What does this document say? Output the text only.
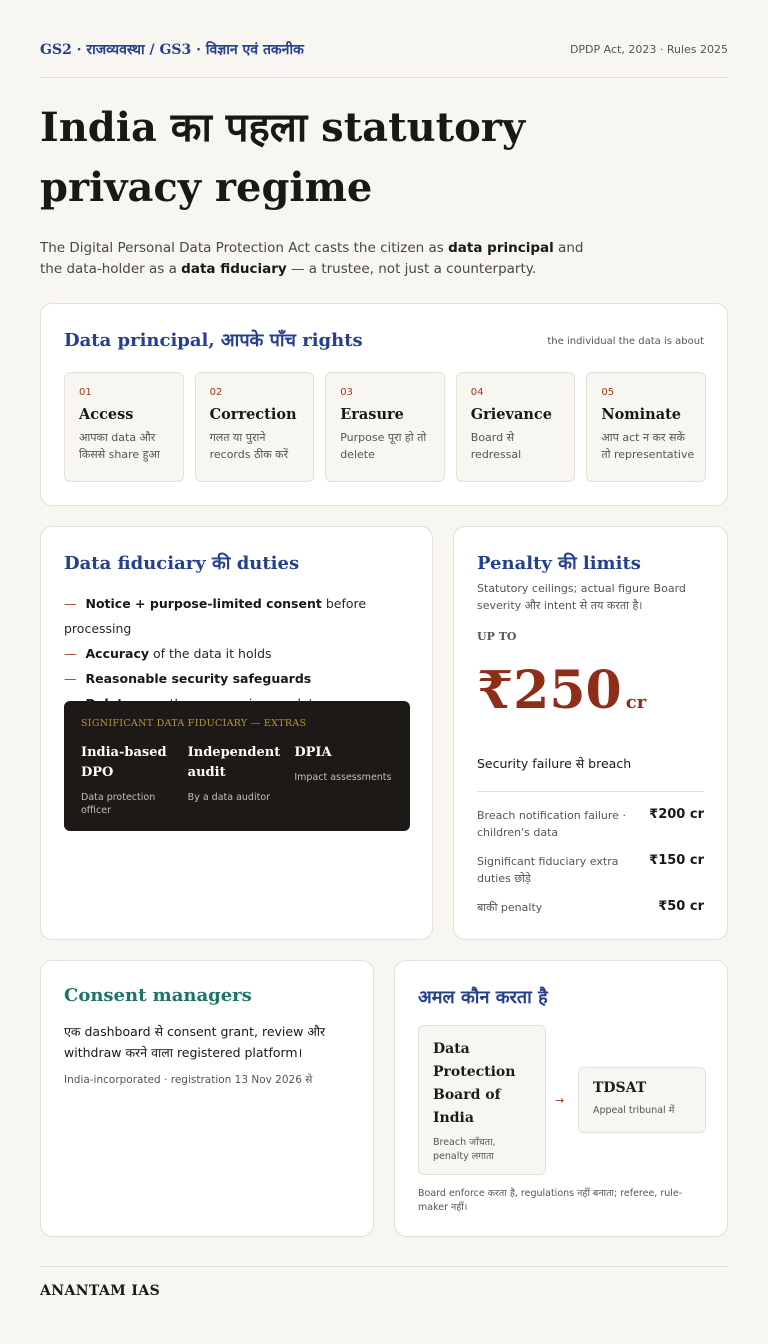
GS2 · राजव्यवस्था / GS3 · विज्ञान एवं तकनीक	DPDP Act, 2023 · Rules 2025
India का पहला statutory
privacy regime

The Digital Personal Data Protection Act casts the citizen as data principal and the data-holder as a data fiduciary — a trustee, not just a counterparty.

Data principal, आपके पाँच rights	the individual the data is about
01
Access
आपका data और किससे share हुआ
02
Correction
गलत या पुराने records ठीक करें
03
Erasure
Purpose पूरा हो तो delete
04
Grievance
Board से redressal
05
Nominate
आप act न कर सकें तो representative
Data fiduciary की duties
— Notice + purpose-limited consent before processing
— Accuracy of the data it holds
— Reasonable security safeguards
SIGNIFICANT DATA FIDUCIARY — EXTRAS
India-based DPO
Data protection officer
Independent audit
By a data auditor
DPIA
Impact assessments
Penalty की limits
Statutory ceilings; actual figure Board severity और intent से तय करता है।
UP TO
₹250 cr
Security failure से breach
Breach notification failure · children's data
₹200 cr
Significant fiduciary extra duties छोड़े
₹150 cr
बाकी penalty	₹50 cr
Consent managers
एक dashboard से consent grant, review और withdraw करने वाला registered platform।
India-incorporated · registration 13 Nov 2026 से
अमल कौन करता है
Data Protection Board of India
Breach जाँचता, penalty लगाता
→
TDSAT
Appeal tribunal में
Board enforce करता है, regulations नहीं बनाता; referee, rule-maker नहीं।
ANANTAM IAS
